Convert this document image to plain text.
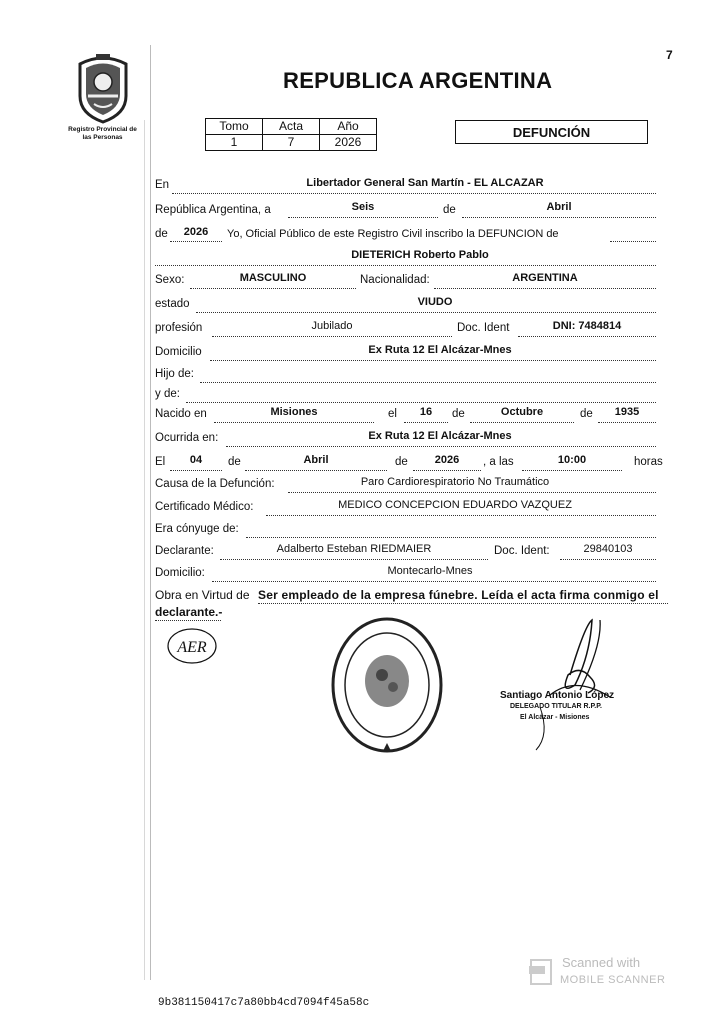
7
Registro Provincial de
las Personas
REPUBLICA ARGENTINA
Tomo	Acta	Año
1	7	2026
DEFUNCIÓN
En	Libertador General San Martín - EL ALCAZAR
República Argentina, a	Seis	de	Abril
de	2026	Yo, Oficial Público de este Registro Civil inscribo la DEFUNCION de
DIETERICH Roberto Pablo
Sexo:	MASCULINO	Nacionalidad:	ARGENTINA
estado	VIUDO
profesión	Jubilado	Doc. Ident	DNI: 7484814
Domicilio	Ex Ruta 12 El Alcázar-Mnes
Hijo de:
y de:
Nacido en	Misiones	el	16	de	Octubre	de	1935
Ocurrida en:	Ex Ruta 12 El Alcázar-Mnes
El	04	de	Abril	de	2026	, a las	10:00	horas
Causa de la Defunción:	Paro Cardiorespiratorio No Traumático
Certificado Médico:	MEDICO CONCEPCION EDUARDO VAZQUEZ
Era cónyuge de:
Declarante:	Adalberto Esteban RIEDMAIER	Doc. Ident:	29840103
Domicilio:	Montecarlo-Mnes
Obra en Virtud de Ser empleado de la empresa fúnebre. Leída el acta firma conmigo el
declarante.-
AER
Santiago Antonio López
DELEGADO TITULAR R.P.P.
El Alcázar - Misiones
Scanned with
MOBILE SCANNER
9b381150417c7a80bb4cd7094f45a58c
